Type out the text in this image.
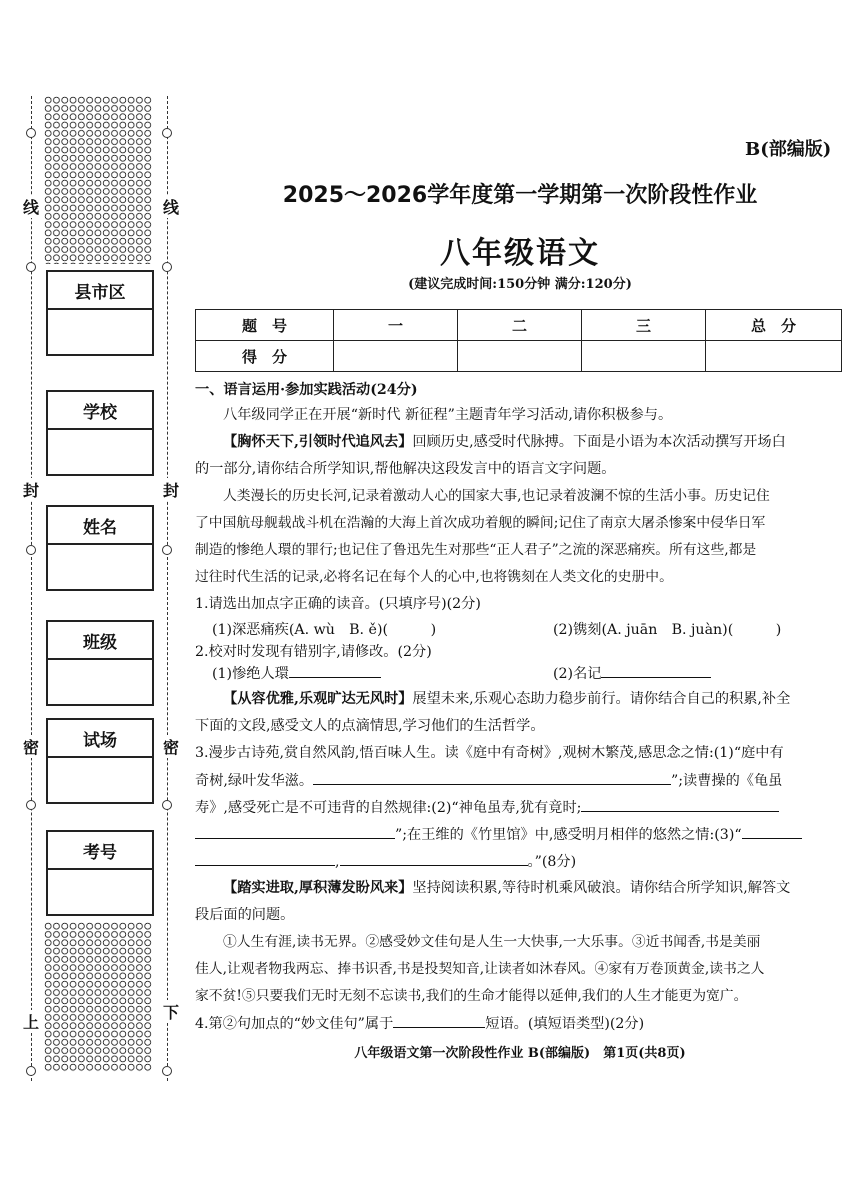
线
封
密
上
线
封
密
下
县市区
学校
姓名
班级
试场
考号
B(部编版)
2025～2026学年度第一学期第一次阶段性作业
八年级语文
(建议完成时间:150分钟 满分:120分)
题　号	一	二	三	总　分
得　分				
一、语言运用·参加实践活动(24分)
八年级同学正在开展“新时代 新征程”主题青年学习活动,请你积极参与。
【胸怀天下,引领时代追风去】回顾历史,感受时代脉搏。下面是小语为本次活动撰写开场白
的一部分,请你结合所学知识,帮他解决这段发言中的语言文字问题。
人类漫长的历史长河,记录着激动人心的国家大事,也记录着波澜不惊的生活小事。历史记住
了中国航母舰载战斗机在浩瀚的大海上首次成功着舰的瞬间;记住了南京大屠杀惨案中侵华日军
制造的惨绝人環的罪行;也记住了鲁迅先生对那些“正人君子”之流的深恶痛疾。所有这些,都是
过往时代生活的记录,必将名记在每个人的心中,也将镌刻在人类文化的史册中。
1.请选出加点字正确的读音。(只填序号)(2分)
(1)深恶痛疾(A. wù　B. ě)(　　　)	(2)镌刻(A. juān　B. juàn)(　　　)
2.校对时发现有错别字,请修改。(2分)
(1)惨绝人環	(2)名记
【从容优雅,乐观旷达无风时】展望未来,乐观心态助力稳步前行。请你结合自己的积累,补全
下面的文段,感受文人的点滴情思,学习他们的生活哲学。
3.漫步古诗苑,赏自然风韵,悟百味人生。读《庭中有奇树》,观树木繁茂,感思念之情:(1)“庭中有
奇树,绿叶发华滋。	”;读曹操的《龟虽
寿》,感受死亡是不可违背的自然规律:(2)“神龟虽寿,犹有竟时;
”;在王维的《竹里馆》中,感受明月相伴的悠然之情:(3)“
,	。”(8分)
【踏实进取,厚积薄发盼风来】坚持阅读积累,等待时机乘风破浪。请你结合所学知识,解答文
段后面的问题。
①人生有涯,读书无界。②感受妙文佳句是人生一大快事,一大乐事。③近书闻香,书是美丽
佳人,让观者物我两忘、捧书识香,书是投契知音,让读者如沐春风。④家有万卷顶黄金,读书之人
家不贫!⑤只要我们无时无刻不忘读书,我们的生命才能得以延伸,我们的人生才能更为宽广。
4.第②句加点的“妙文佳句”属于	短语。(填短语类型)(2分)
八年级语文第一次阶段性作业 B(部编版)　第1页(共8页)
